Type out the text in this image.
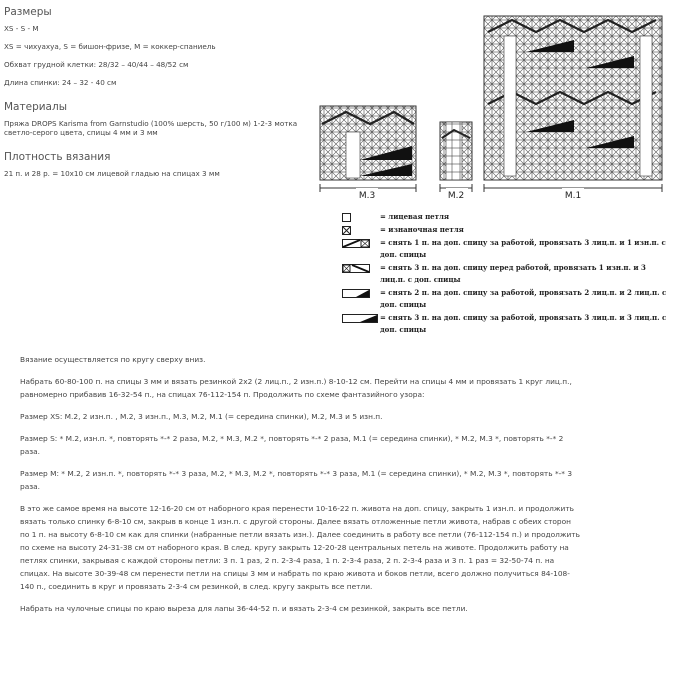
Размеры

XS - S - M

XS = чихуахуа, S = бишон-фризе, M = коккер-спаниель

Обхват грудной клетки: 28/32 – 40/44 – 48/52 см

Длина спинки: 24 – 32 - 40 см

Материалы

Пряжа DROPS Karisma from Garnstudio (100% шерсть, 50 г/100 м) 1-2-3 мотка светло-серого цвета, спицы 4 мм и 3 мм

Плотность вязания

21 п. и 28 р. = 10x10 см лицевой гладью на спицах 3 мм

M.3	M.2	M.1
= лицевая петля
= изнаночная петля
= снять 1 п. на доп. спицу за работой, провязать 3 лиц.п. и 1 изн.п. с доп. спицы
= снять 3 п. на доп. спицу перед работой, провязать 1 изн.п. и 3 лиц.п. с доп. спицы
= снять 2 п. на доп. спицу за работой, провязать 2 лиц.п. и 2 лиц.п. с доп. спицы
= снять 3 п. на доп. спицу за работой, провязать 3 лиц.п. и 3 лиц.п. с доп. спицы

Вязание осуществляется по кругу сверху вниз.

Набрать 60-80-100 п. на спицы 3 мм и вязать резинкой 2x2 (2 лиц.п., 2 изн.п.) 8-10-12 см. Перейти на спицы 4 мм и провязать 1 круг лиц.п., равномерно прибавив 16-32-54 п., на спицах 76-112-154 п. Продолжить по схеме фантазийного узора:

Размер XS: M.2, 2 изн.п. , M.2, 3 изн.п., M.3, M.2, M.1 (= середина спинки), M.2, M.3 и 5 изн.п.

Размер S: * M.2, изн.п. *, повторять *-* 2 раза, M.2, * M.3, M.2 *, повторять *-* 2 раза, M.1 (= середина спинки), * M.2, M.3 *, повторять *-* 2 раза.

Размер M: * M.2, 2 изн.п. *, повторять *-* 3 раза, M.2, * M.3, M.2 *, повторять *-* 3 раза, M.1 (= середина спинки), * M.2, M.3 *, повторять *-* 3 раза.

В это же самое время на высоте 12-16-20 см от наборного края перенести 10-16-22 п. живота на доп. спицу, закрыть 1 изн.п. и продолжить вязать только спинку 6-8-10 см, закрыв в конце 1 изн.п. с другой стороны. Далее вязать отложенные петли живота, набрав с обеих сторон по 1 п. на высоту 6-8-10 см как для спинки (набранные петли вязать изн.). Далее соединить в работу все петли (76-112-154 п.) и продолжить по схеме на высоту 24-31-38 см от наборного края. В след. кругу закрыть 12-20-28 центральных петель на животе. Продолжить работу на петлях спинки, закрывая с каждой стороны петли: 3 п. 1 раз, 2 п. 2-3-4 раза, 1 п. 2-3-4 раза, 2 п. 2-3-4 раза и 3 п. 1 раз = 32-50-74 п. на спицах. На высоте 30-39-48 см перенести петли на спицы 3 мм и набрать по краю живота и боков петли, всего должно получиться 84-108-140 п., соединить в круг и провязать 2-3-4 см резинкой, в след. кругу закрыть все петли.

Набрать на чулочные спицы по краю выреза для лапы 36-44-52 п. и вязать 2-3-4 см резинкой, закрыть все петли.
